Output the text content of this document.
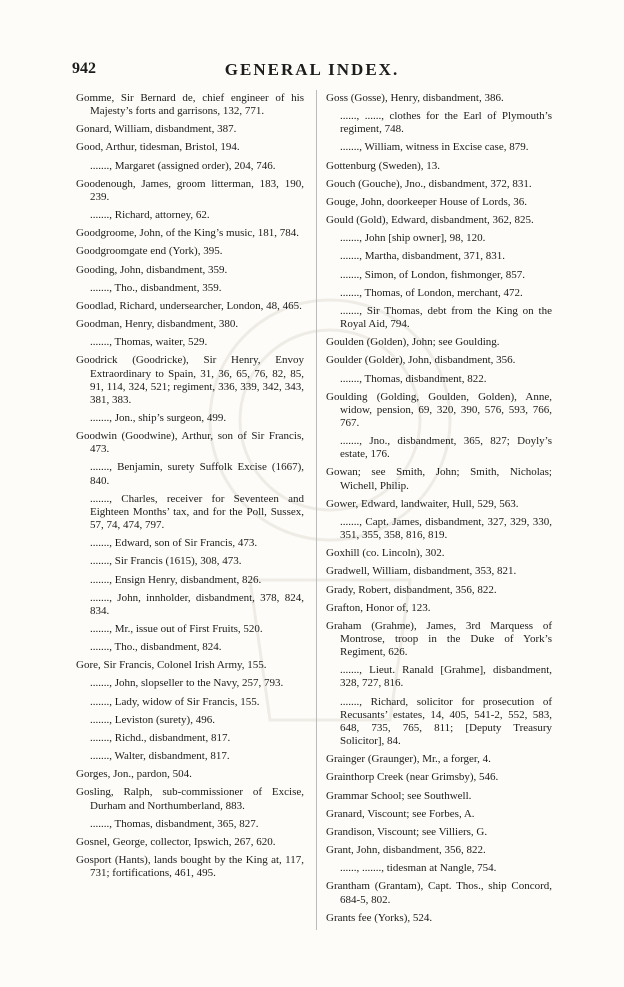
942	GENERAL INDEX.

Gomme, Sir Bernard de, chief engineer of his Majesty’s forts and garrisons, 132, 771.

Gonard, William, disbandment, 387.

Good, Arthur, tidesman, Bristol, 194.

......., Margaret (assigned order), 204, 746.

Goodenough, James, groom litterman, 183, 190, 239.

......., Richard, attorney, 62.

Goodgroome, John, of the King’s music, 181, 784.

Goodgroomgate end (York), 395.

Gooding, John, disbandment, 359.

......., Tho., disbandment, 359.

Goodlad, Richard, undersearcher, London, 48, 465.

Goodman, Henry, disbandment, 380.

......., Thomas, waiter, 529.

Goodrick (Goodricke), Sir Henry, Envoy Extraordinary to Spain, 31, 36, 65, 76, 82, 85, 91, 114, 324, 521; regiment, 336, 339, 342, 343, 381, 383.

......., Jon., ship’s surgeon, 499.

Goodwin (Goodwine), Arthur, son of Sir Francis, 473.

......., Benjamin, surety Suffolk Excise (1667), 840.

......., Charles, receiver for Seventeen and Eighteen Months’ tax, and for the Poll, Sussex, 57, 74, 474, 797.

......., Edward, son of Sir Francis, 473.

......., Sir Francis (1615), 308, 473.

......., Ensign Henry, disbandment, 826.

......., John, innholder, disbandment, 378, 824, 834.

......., Mr., issue out of First Fruits, 520.

......., Tho., disbandment, 824.

Gore, Sir Francis, Colonel Irish Army, 155.

......., John, slopseller to the Navy, 257, 793.

......., Lady, widow of Sir Francis, 155.

......., Leviston (surety), 496.

......., Richd., disbandment, 817.

......., Walter, disbandment, 817.

Gorges, Jon., pardon, 504.

Gosling, Ralph, sub-commissioner of Excise, Durham and Northumberland, 883.

......., Thomas, disbandment, 365, 827.

Gosnel, George, collector, Ipswich, 267, 620.

Gosport (Hants), lands bought by the King at, 117, 731; fortifications, 461, 495.

Goss (Gosse), Henry, disbandment, 386.

......, ......, clothes for the Earl of Plymouth’s regiment, 748.

......., William, witness in Excise case, 879.

Gottenburg (Sweden), 13.

Gouch (Gouche), Jno., disbandment, 372, 831.

Gouge, John, doorkeeper House of Lords, 36.

Gould (Gold), Edward, disbandment, 362, 825.

......., John [ship owner], 98, 120.

......., Martha, disbandment, 371, 831.

......., Simon, of London, fishmonger, 857.

......., Thomas, of London, merchant, 472.

......., Sir Thomas, debt from the King on the Royal Aid, 794.

Goulden (Golden), John; see Goulding.

Goulder (Golder), John, disbandment, 356.

......., Thomas, disbandment, 822.

Goulding (Golding, Goulden, Golden), Anne, widow, pension, 69, 320, 390, 576, 593, 766, 767.

......., Jno., disbandment, 365, 827; Doyly’s estate, 176.

Gowan; see Smith, John; Smith, Nicholas; Wichell, Philip.

Gower, Edward, landwaiter, Hull, 529, 563.

......., Capt. James, disbandment, 327, 329, 330, 351, 355, 358, 816, 819.

Goxhill (co. Lincoln), 302.

Gradwell, William, disbandment, 353, 821.

Grady, Robert, disbandment, 356, 822.

Grafton, Honor of, 123.

Graham (Grahme), James, 3rd Marquess of Montrose, troop in the Duke of York’s Regiment, 626.

......., Lieut. Ranald [Grahme], disbandment, 328, 727, 816.

......., Richard, solicitor for prosecution of Recusants’ estates, 14, 405, 541-2, 552, 583, 648, 735, 765, 811; [Deputy Treasury Solicitor], 84.

Grainger (Graunger), Mr., a forger, 4.

Grainthorp Creek (near Grimsby), 546.

Grammar School; see Southwell.

Granard, Viscount; see Forbes, A.

Grandison, Viscount; see Villiers, G.

Grant, John, disbandment, 356, 822.

......, ......., tidesman at Nangle, 754.

Grantham (Grantam), Capt. Thos., ship Concord, 684-5, 802.

Grants fee (Yorks), 524.
